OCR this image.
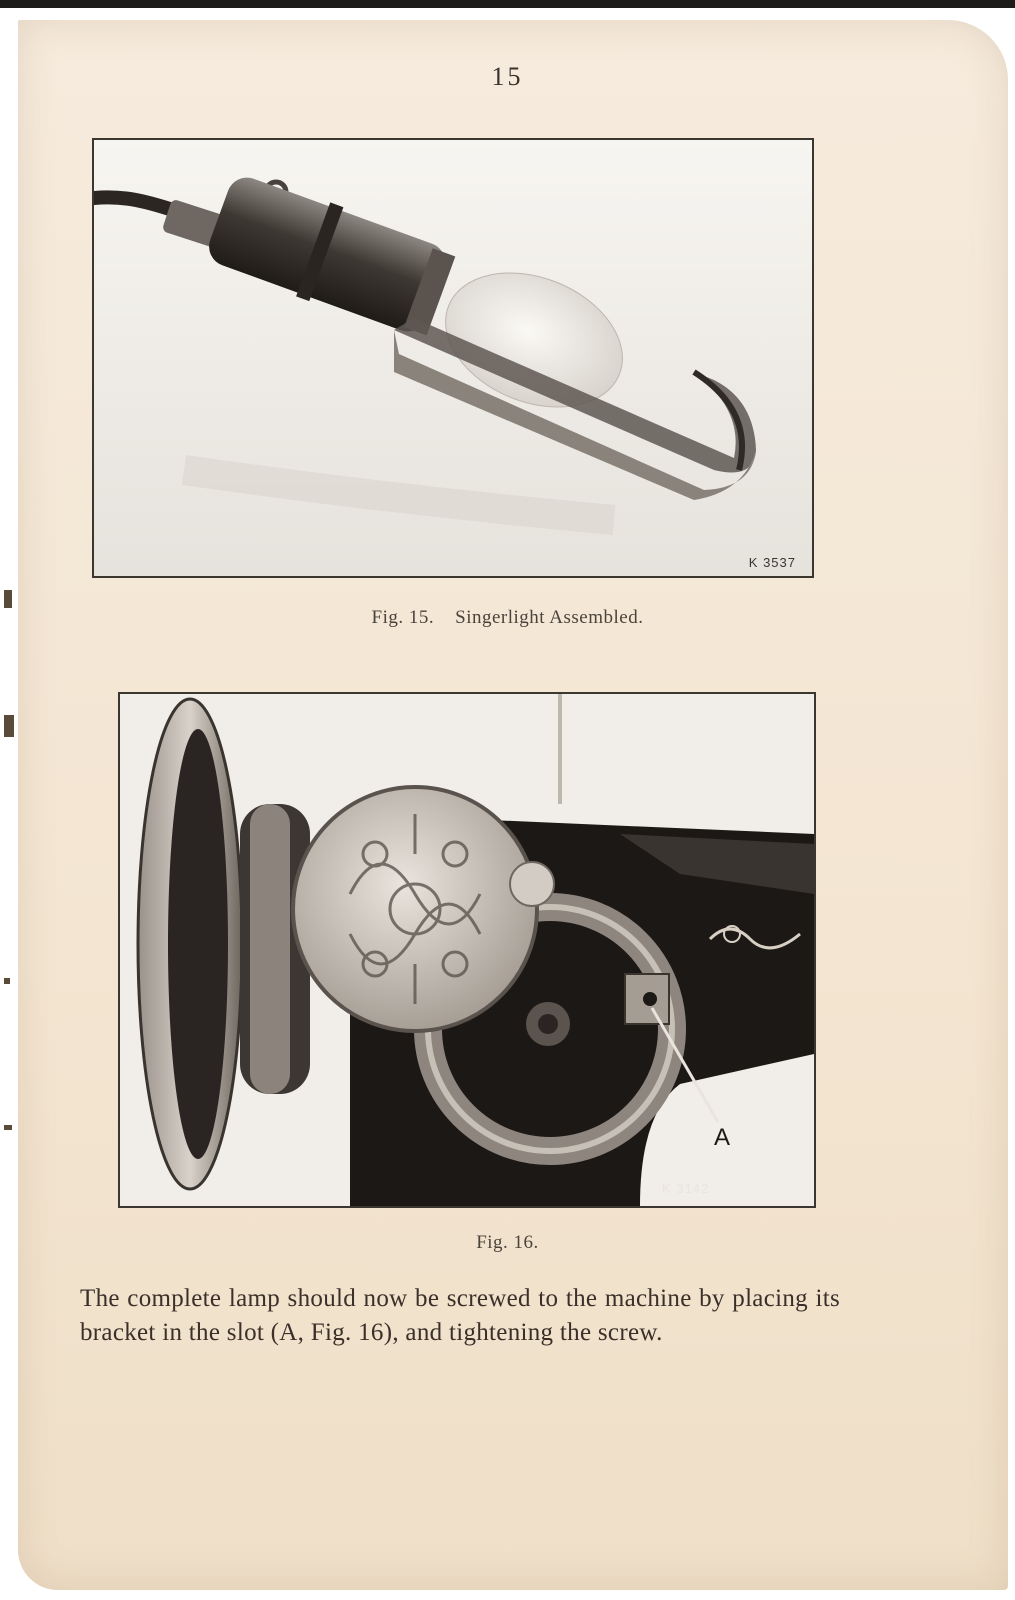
15
K 3537
Fig. 15.    Singerlight Assembled.
A
K 3142
Fig. 16.
The complete lamp should now be screwed to the machine by placing its bracket in the slot (A, Fig. 16), and tightening the screw.
